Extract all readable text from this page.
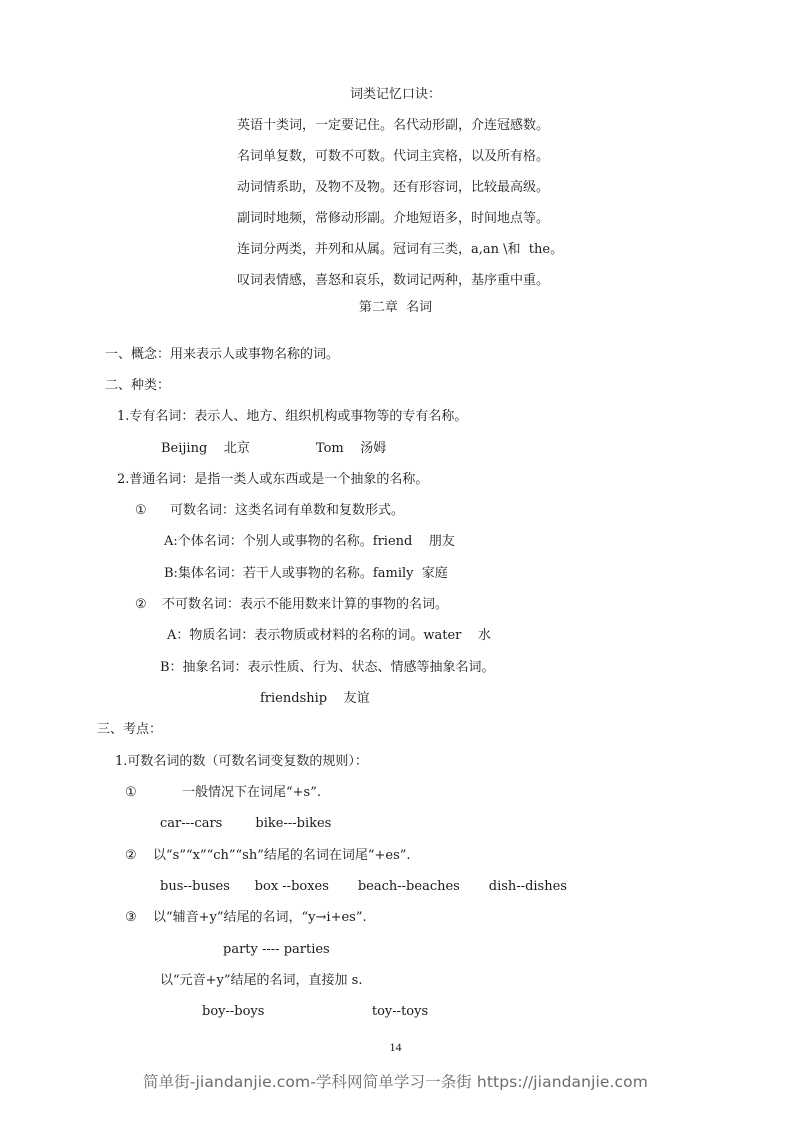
词类记忆口诀：
英语十类词，一定要记住。名代动形副，介连冠感数。
名词单复数，可数不可数。代词主宾格，以及所有格。
动词情系助，及物不及物。还有形容词，比较最高级。
副词时地频，常修动形副。介地短语多，时间地点等。
连词分两类，并列和从属。冠词有三类，a,an \和  the。
叹词表情感，喜怒和哀乐，数词记两种，基序重中重。
第二章  名词
一、概念：用来表示人或事物名称的词。
二、种类：
1.专有名词：表示人、地方、组织机构或事物等的专有名称。
Beijing    北京                Tom    汤姆
2.普通名词：是指一类人或东西或是一个抽象的名称。
① 可数名词：这类名词有单数和复数形式。
A:个体名词：个别人或事物的名称。friend    朋友
B:集体名词：若干人或事物的名称。family  家庭
② 不可数名词：表示不能用数来计算的事物的名词。
A：物质名词：表示物质或材料的名称的词。water    水
B：抽象名词：表示性质、行为、状态、情感等抽象名词。
friendship    友谊
三、考点：
1.可数名词的数（可数名词变复数的规则）：
①	一般情况下在词尾“+s”.
car---cars        bike---bikes
② 以“s”“x”“ch”“sh”结尾的名词在词尾“+es”.
bus--buses      box --boxes       beach--beaches       dish--dishes
③ 以“辅音+y”结尾的名词，“y→i+es”.
party ---- parties
以“元音+y”结尾的名词，直接加 s.
boy--boys                          toy--toys
14
简单街-jiandanjie.com-学科网简单学习一条街 https://jiandanjie.com
